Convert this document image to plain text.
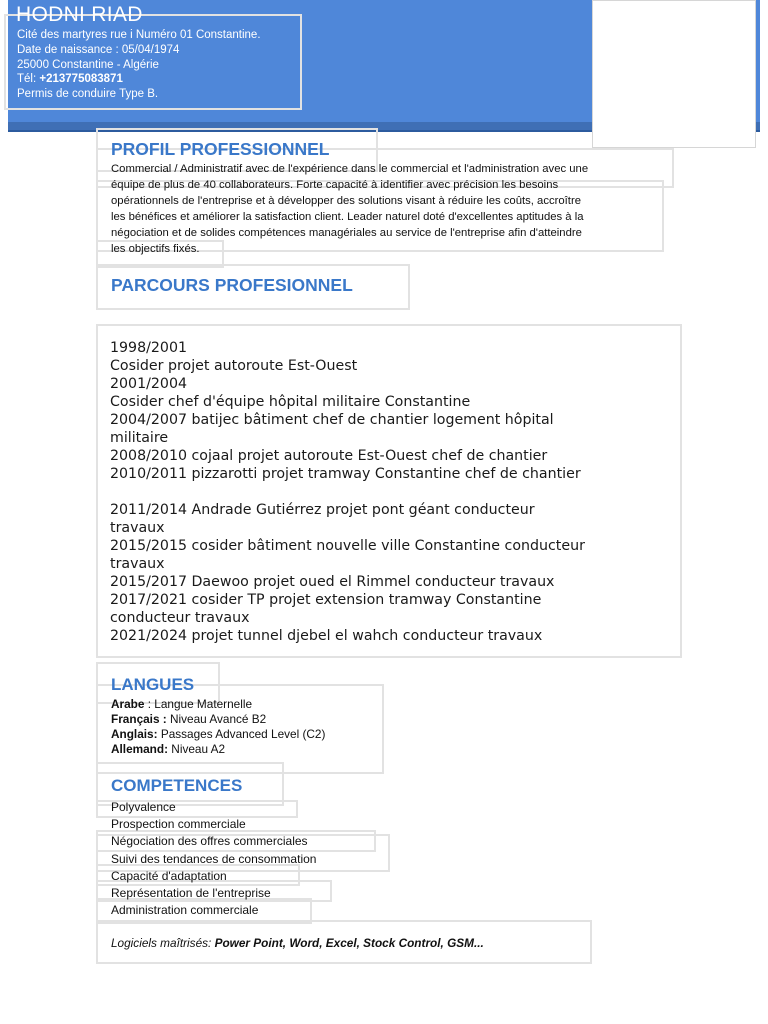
HODNI RIAD
Cité des martyres rue i Numéro 01 Constantine.
Date de naissance : 05/04/1974
25000 Constantine - Algérie
Tél: +213775083871
Permis de conduire Type B.
PROFIL PROFESSIONNEL
Commercial / Administratif avec de l'expérience dans le commercial et l'administration avec une
équipe de plus de 40 collaborateurs. Forte capacité à identifier avec précision les besoins
opérationnels de l'entreprise et à développer des solutions visant à réduire les coûts, accroître
les bénéfices et améliorer la satisfaction client. Leader naturel doté d'excellentes aptitudes à la
négociation et de solides compétences managériales au service de l'entreprise afin d'atteindre
les objectifs fixés.
PARCOURS PROFESIONNEL
1998/2001
Cosider projet autoroute Est-Ouest
2001/2004
Cosider chef d'équipe hôpital militaire Constantine
2004/2007 batijec bâtiment chef de chantier logement hôpital
militaire
2008/2010 cojaal projet autoroute Est-Ouest chef de chantier
2010/2011 pizzarotti projet tramway Constantine chef de chantier
2011/2014 Andrade Gutiérrez projet pont géant conducteur
travaux
2015/2015 cosider bâtiment nouvelle ville Constantine conducteur
travaux
2015/2017 Daewoo projet oued el Rimmel conducteur travaux
2017/2021 cosider TP projet extension tramway Constantine
conducteur travaux
2021/2024 projet tunnel djebel el wahch conducteur travaux
LANGUES
Arabe : Langue Maternelle
Français : Niveau Avancé B2
Anglais: Passages Advanced Level (C2)
Allemand: Niveau A2
COMPETENCES
Polyvalence
Prospection commerciale
Négociation des offres commerciales
Suivi des tendances de consommation
Capacité d'adaptation
Représentation de l'entreprise
Administration commerciale
Logiciels maîtrisés: Power Point, Word, Excel, Stock Control, GSM...
